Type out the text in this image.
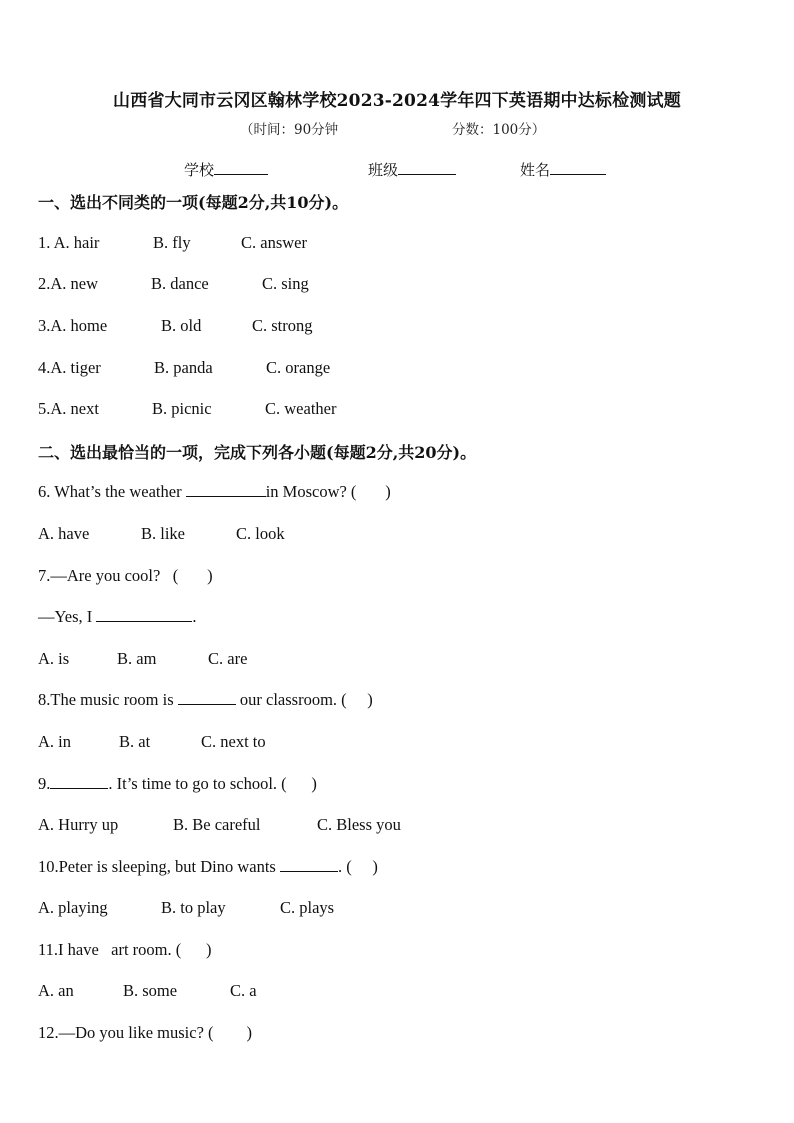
山西省大同市云冈区翰林学校2023-2024学年四下英语期中达标检测试题
（时间：90分钟	分数：100分）
学校	班级	姓名
一、选出不同类的一项(每题2分,共10分)。
1. A. hair	B. fly	C. answer
2.A. new	B. dance	C. sing
3.A. home	B. old	C. strong
4.A. tiger	B. panda	C. orange
5.A. next	B. picnic	C. weather
二、选出最恰当的一项，完成下列各小题(每题2分,共20分)。
6. What’s the weather	in Moscow? (       )
A. have	B. like	C. look
7.—Are you cool?   (       )
—Yes, I	.
A. is	B. am	C. are
8.The music room is	our classroom. (     )
A. in	B. at	C. next to
9.	. It’s time to go to school. (      )
A. Hurry up	B. Be careful	C. Bless you
10.Peter is sleeping, but Dino wants	. (     )
A. playing	B. to play	C. plays
11.I have   art room. (      )
A. an	B. some	C. a
12.—Do you like music? (        )
